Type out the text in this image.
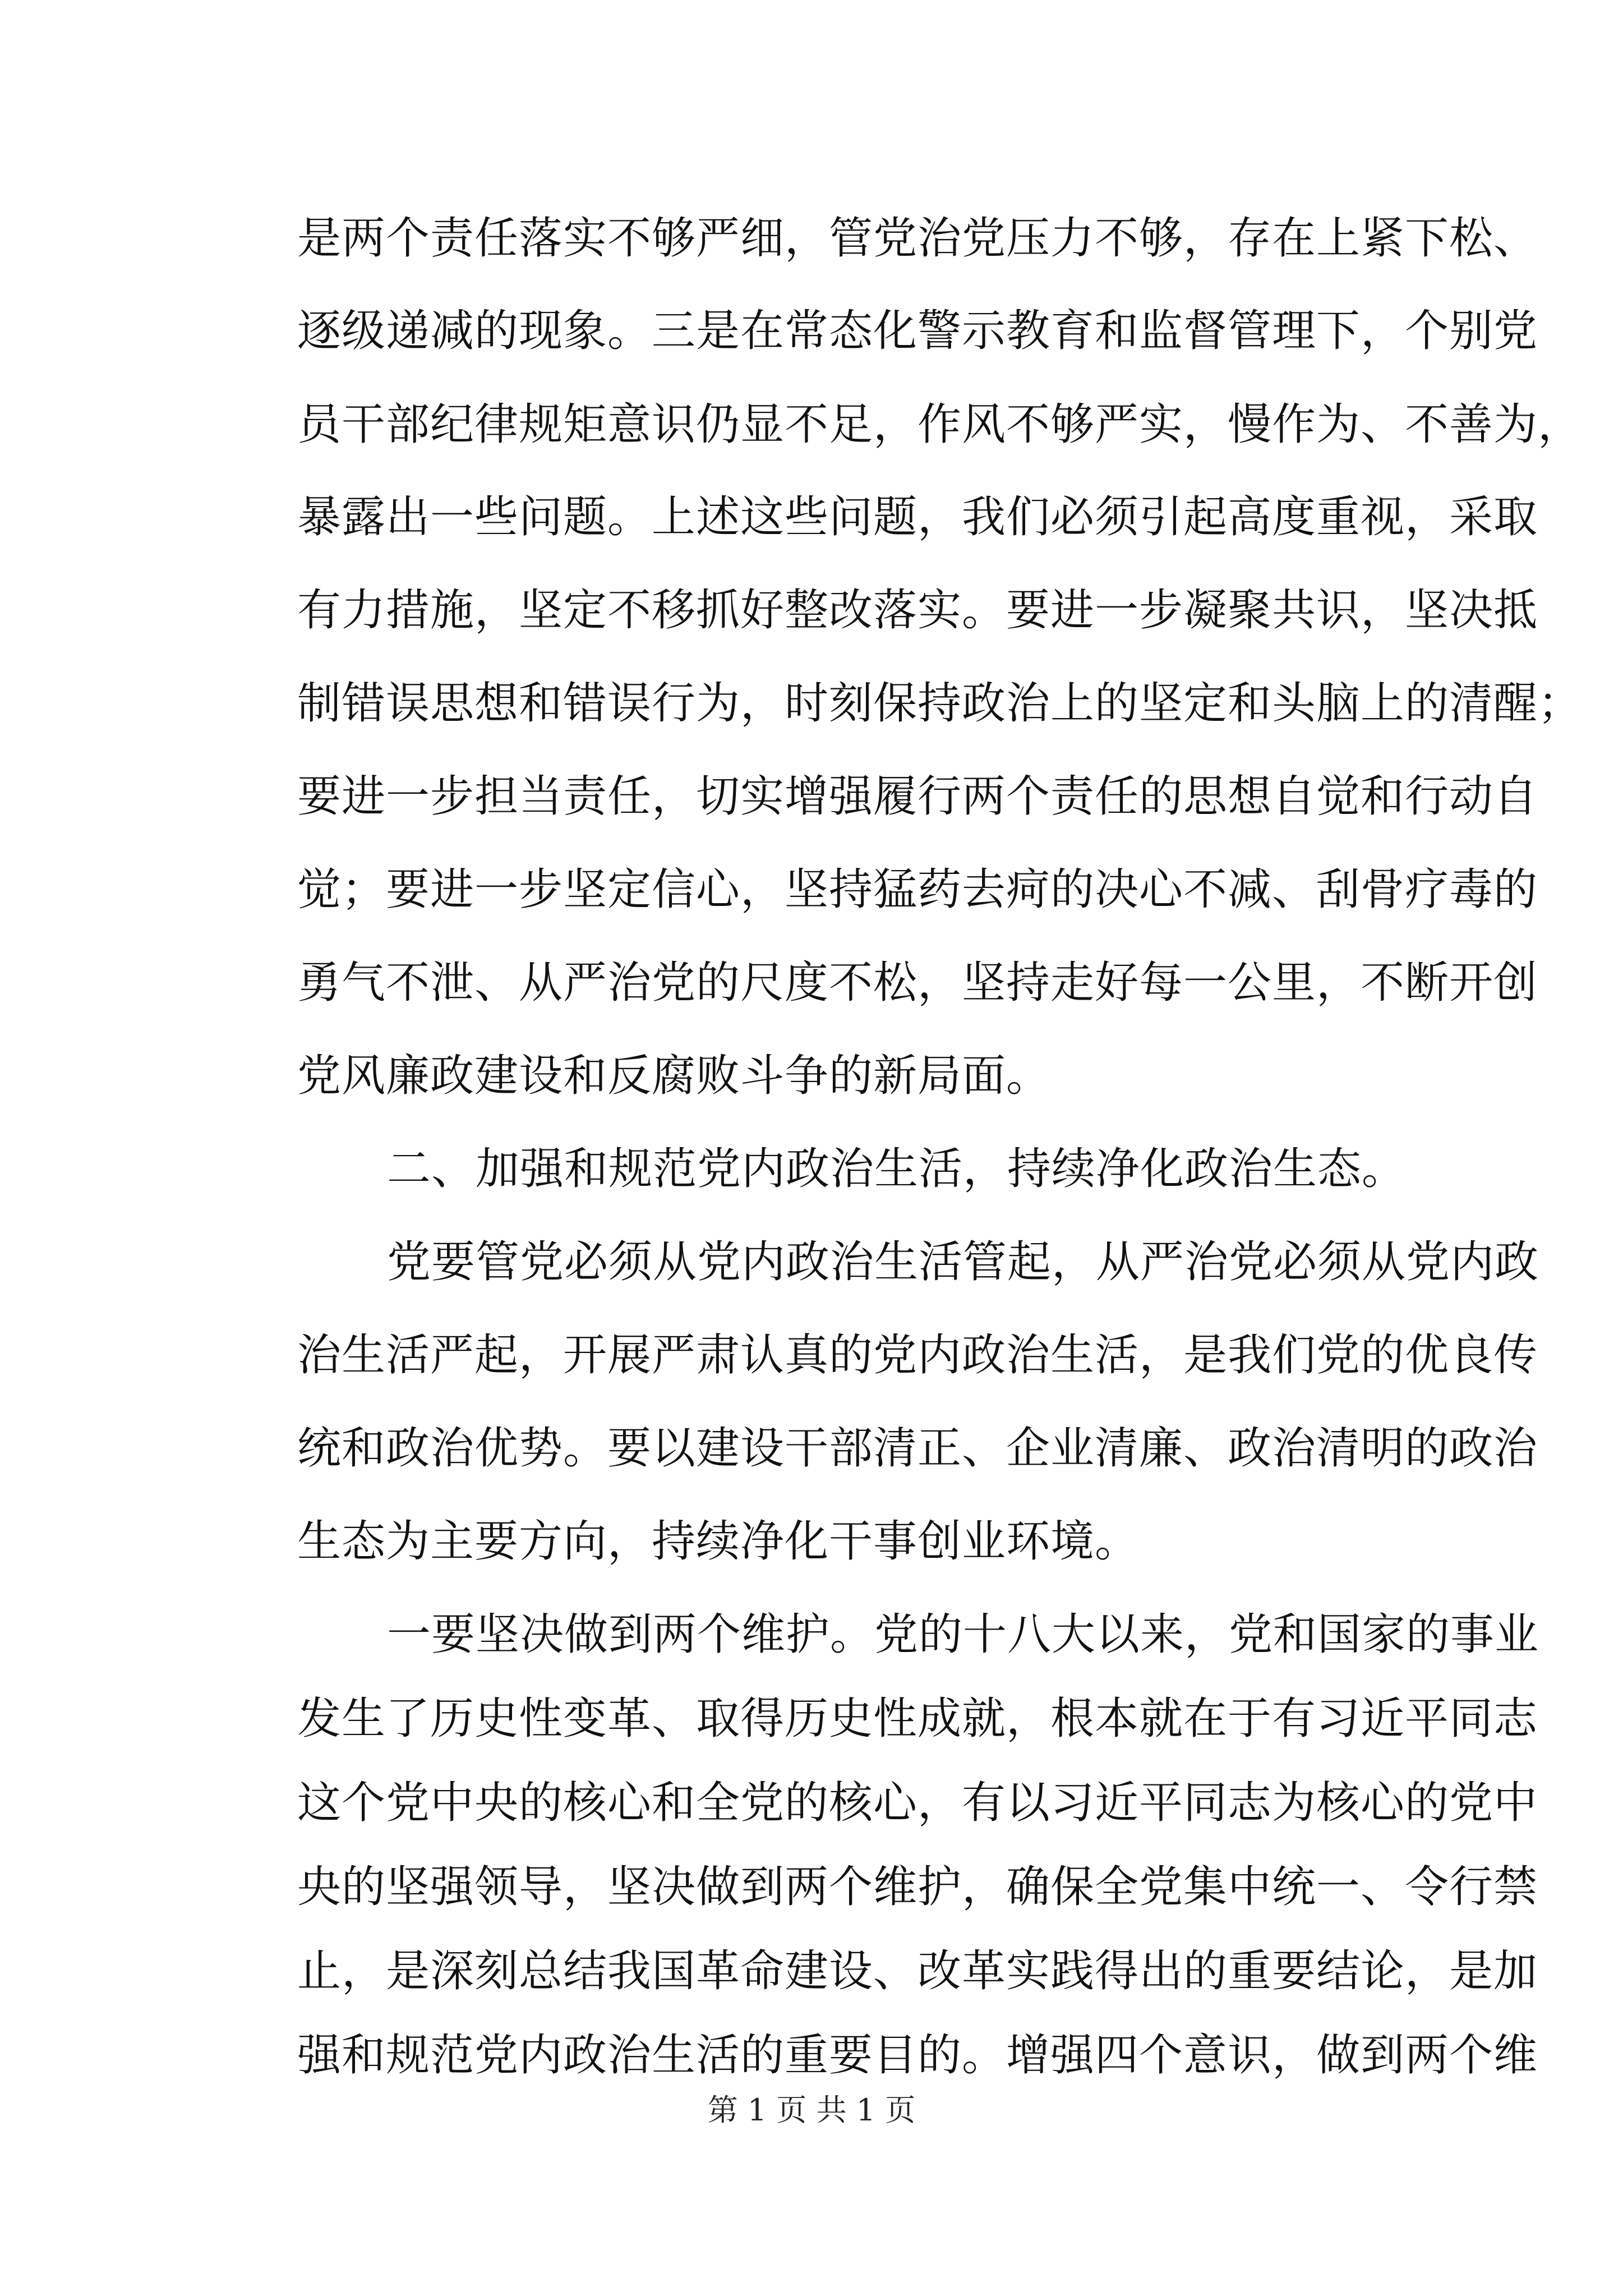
是两个责任落实不够严细，管党治党压力不够，存在上紧下松、
逐级递减的现象。三是在常态化警示教育和监督管理下，个别党
员干部纪律规矩意识仍显不足，作风不够严实，慢作为、不善为，
暴露出一些问题。上述这些问题，我们必须引起高度重视，采取
有力措施，坚定不移抓好整改落实。要进一步凝聚共识，坚决抵
制错误思想和错误行为，时刻保持政治上的坚定和头脑上的清醒；
要进一步担当责任，切实增强履行两个责任的思想自觉和行动自
觉；要进一步坚定信心，坚持猛药去疴的决心不减、刮骨疗毒的
勇气不泄、从严治党的尺度不松，坚持走好每一公里，不断开创
党风廉政建设和反腐败斗争的新局面。
二、加强和规范党内政治生活，持续净化政治生态。
党要管党必须从党内政治生活管起，从严治党必须从党内政
治生活严起，开展严肃认真的党内政治生活，是我们党的优良传
统和政治优势。要以建设干部清正、企业清廉、政治清明的政治
生态为主要方向，持续净化干事创业环境。
一要坚决做到两个维护。党的十八大以来，党和国家的事业
发生了历史性变革、取得历史性成就，根本就在于有习近平同志
这个党中央的核心和全党的核心，有以习近平同志为核心的党中
央的坚强领导，坚决做到两个维护，确保全党集中统一、令行禁
止，是深刻总结我国革命建设、改革实践得出的重要结论，是加
第 1 页 共 1 页
强和规范党内政治生活的重要目的。增强四个意识，做到两个维
